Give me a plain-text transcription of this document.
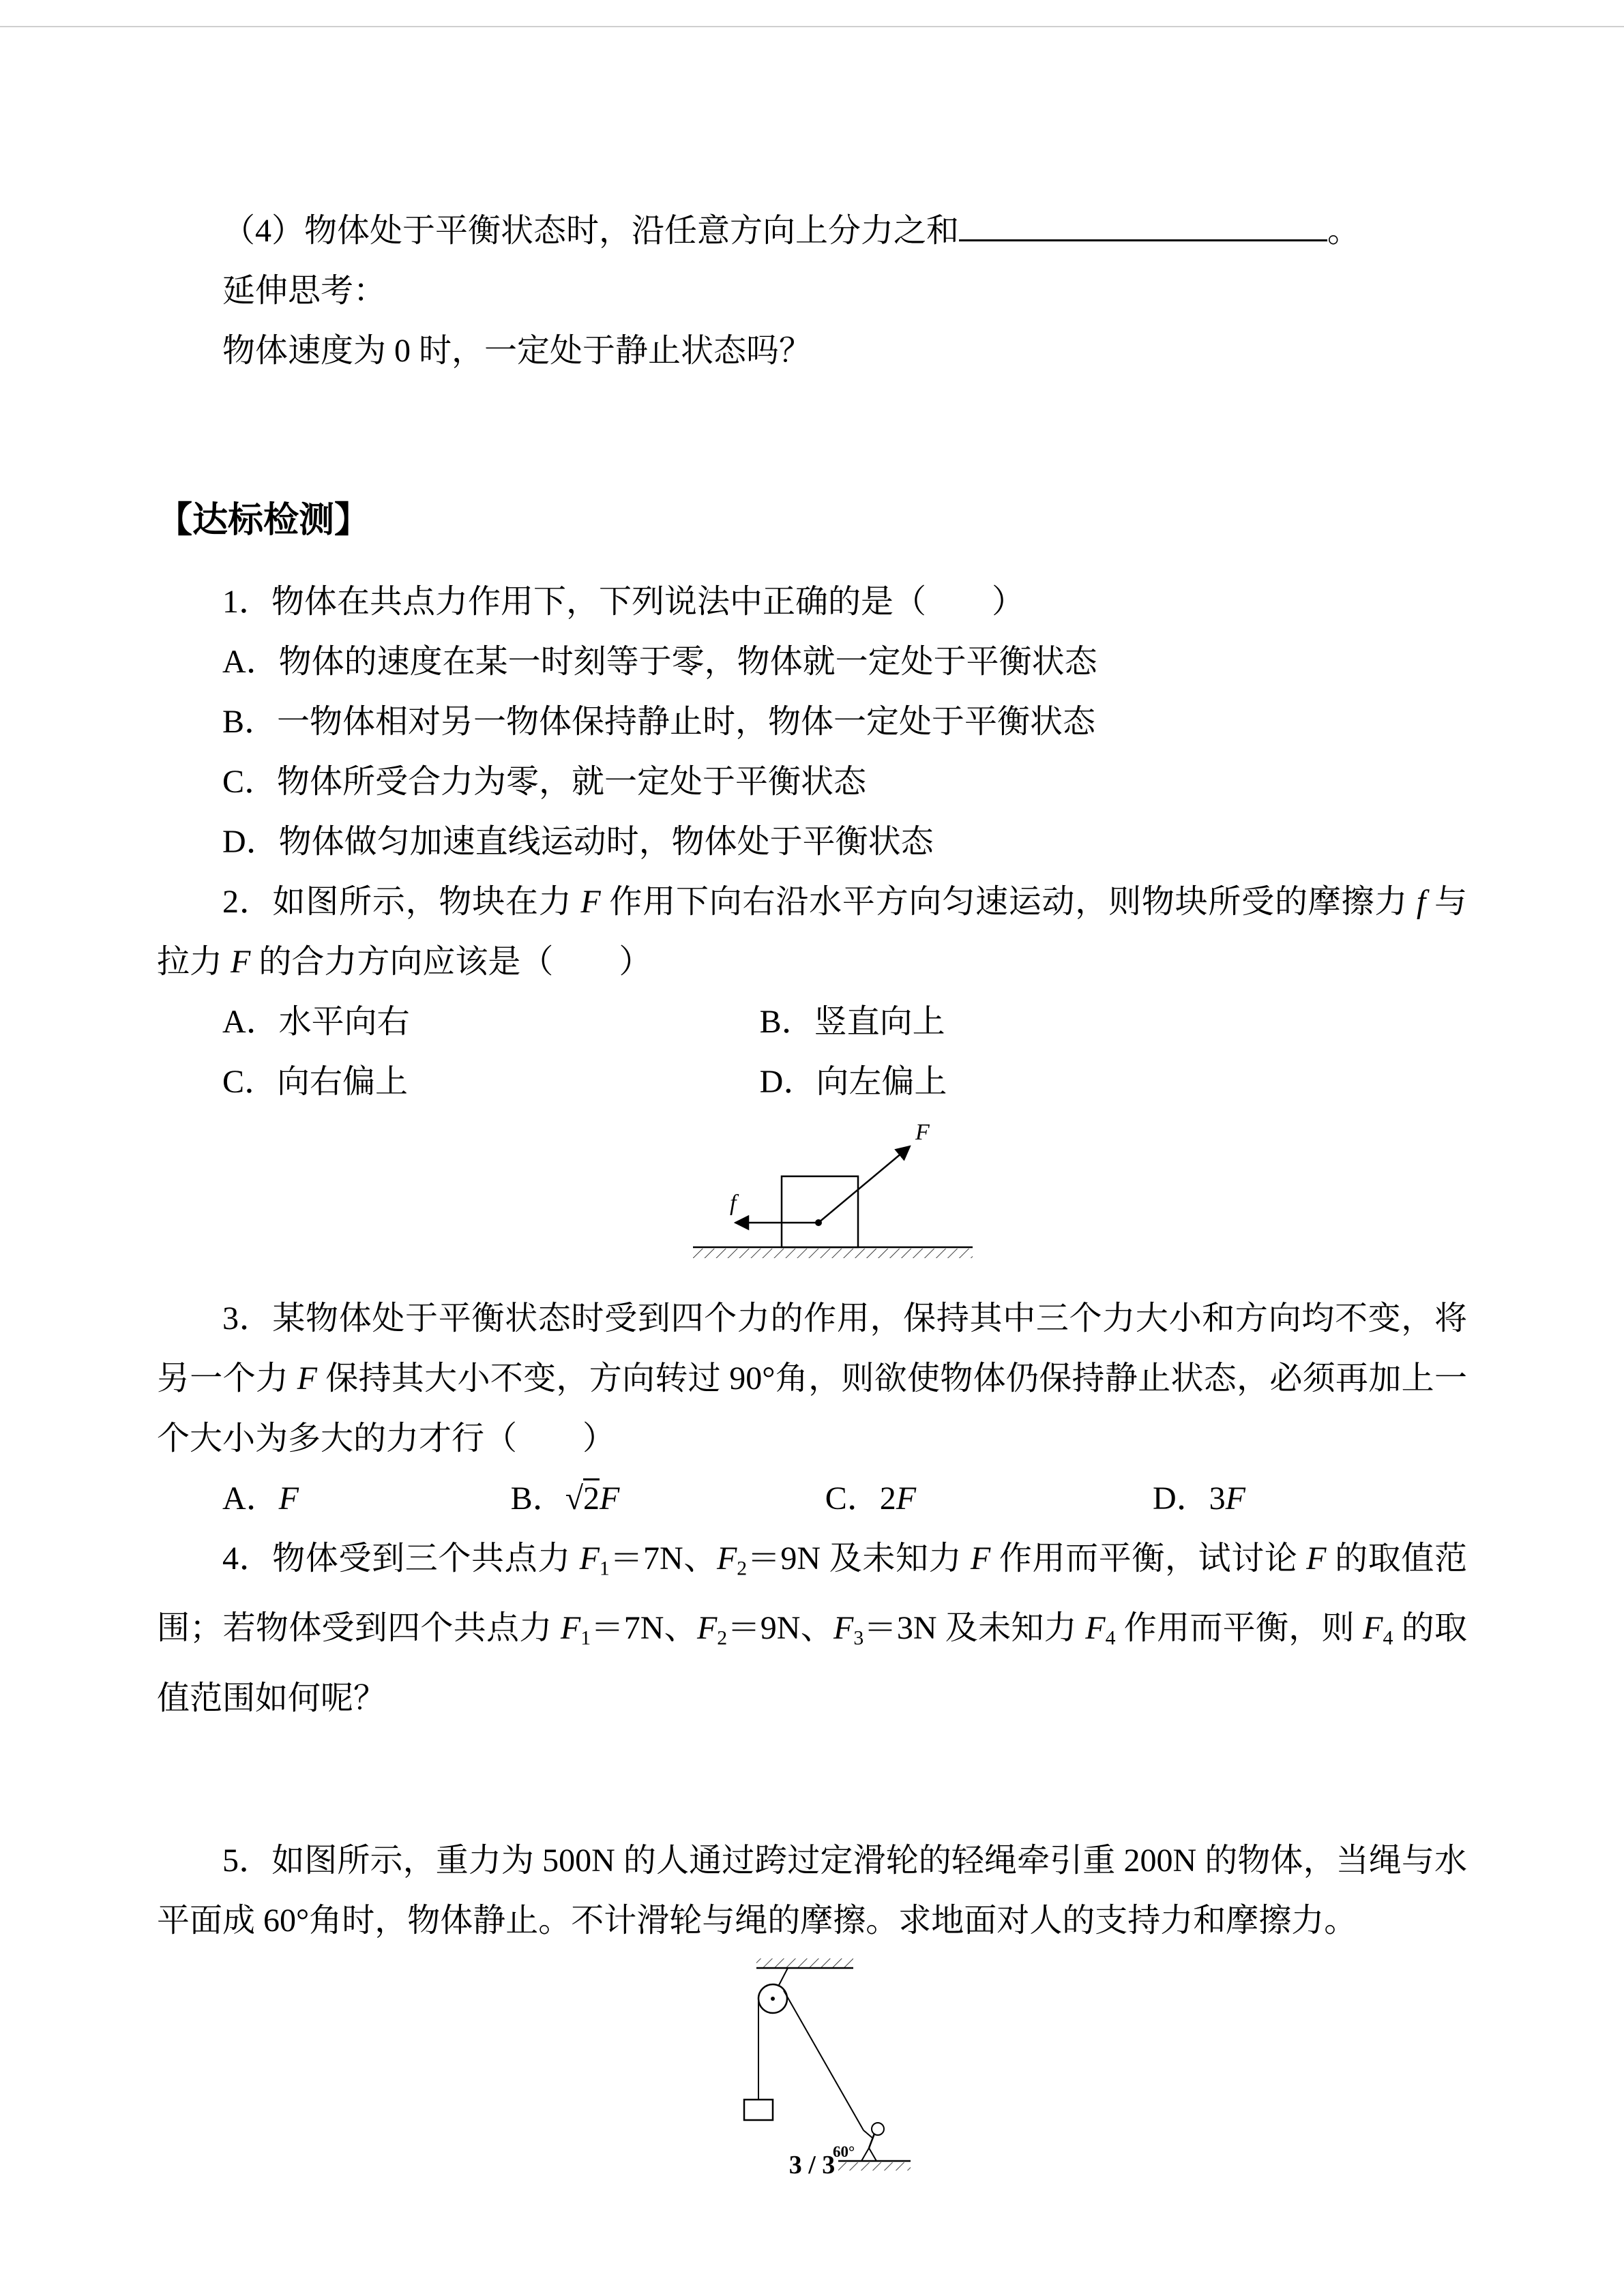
（4）物体处于平衡状态时，沿任意方向上分力之和	。

延伸思考：

物体速度为 0 时，一定处于静止状态吗？

【达标检测】

1．物体在共点力作用下，下列说法中正确的是（　　）

A．物体的速度在某一时刻等于零，物体就一定处于平衡状态

B．一物体相对另一物体保持静止时，物体一定处于平衡状态

C．物体所受合力为零，就一定处于平衡状态

D．物体做匀加速直线运动时，物体处于平衡状态

2．如图所示，物块在力 F 作用下向右沿水平方向匀速运动，则物块所受的摩擦力 f 与拉力 F 的合力方向应该是（　　）

A．水平向右	B．竖直向上
C．向右偏上	D．向左偏上
F
f

3．某物体处于平衡状态时受到四个力的作用，保持其中三个力大小和方向均不变，将另一个力 F 保持其大小不变，方向转过 90°角，则欲使物体仍保持静止状态，必须再加上一个大小为多大的力才行（　　）

A．F	B．√2F	C．2F	D．3F

4．物体受到三个共点力 $F_1=7N$、$F_2=9N$ 及未知力 F 作用而平衡，试讨论 F 的取值范围；若物体受到四个共点力 $F_1=7N$、$F_2=9N$、$F_3=3N$ 及未知力 $F_4$ 作用而平衡，则 $F_4$ 的取值范围如何呢？

5．如图所示，重力为 500N 的人通过跨过定滑轮的轻绳牵引重 200N 的物体，当绳与水平面成 60°角时，物体静止。不计滑轮与绳的摩擦。求地面对人的支持力和摩擦力。

60°
3 / 3
